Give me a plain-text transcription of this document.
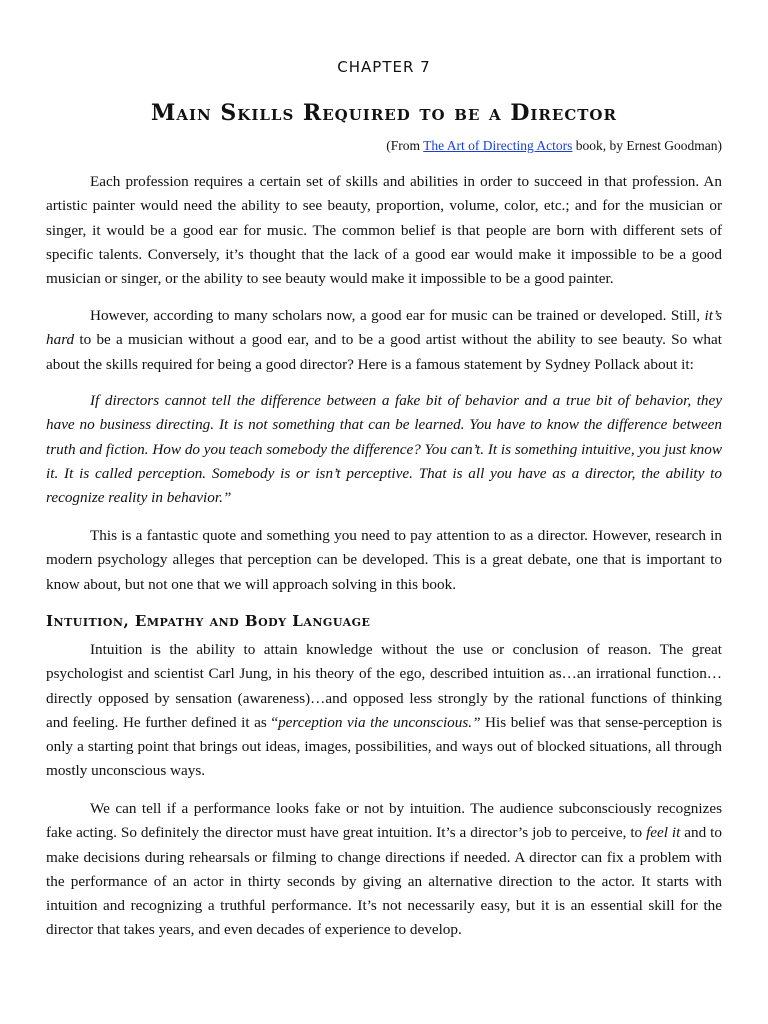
CHAPTER 7
Main Skills Required to be a Director
(From The Art of Directing Actors book, by Ernest Goodman)

Each profession requires a certain set of skills and abilities in order to succeed in that profession. An artistic painter would need the ability to see beauty, proportion, volume, color, etc.; and for the musician or singer, it would be a good ear for music. The common belief is that people are born with different sets of specific talents. Conversely, it’s thought that the lack of a good ear would make it impossible to be a good musician or singer, or the ability to see beauty would make it impossible to be a good painter.

However, according to many scholars now, a good ear for music can be trained or developed. Still, it’s hard to be a musician without a good ear, and to be a good artist without the ability to see beauty. So what about the skills required for being a good director? Here is a famous statement by Sydney Pollack about it:

If directors cannot tell the difference between a fake bit of behavior and a true bit of behavior, they have no business directing. It is not something that can be learned. You have to know the difference between truth and fiction. How do you teach somebody the difference? You can’t. It is something intuitive, you just know it. It is called perception. Somebody is or isn’t perceptive. That is all you have as a director, the ability to recognize reality in behavior.”

This is a fantastic quote and something you need to pay attention to as a director. However, research in modern psychology alleges that perception can be developed. This is a great debate, one that is important to know about, but not one that we will approach solving in this book.

Intuition, Empathy and Body Language

Intuition is the ability to attain knowledge without the use or conclusion of reason. The great psychologist and scientist Carl Jung, in his theory of the ego, described intuition as…an irrational function…directly opposed by sensation (awareness)…and opposed less strongly by the rational functions of thinking and feeling. He further defined it as “perception via the unconscious.” His belief was that sense-perception is only a starting point that brings out ideas, images, possibilities, and ways out of blocked situations, all through mostly unconscious ways.

We can tell if a performance looks fake or not by intuition. The audience subconsciously recognizes fake acting. So definitely the director must have great intuition. It’s a director’s job to perceive, to feel it and to make decisions during rehearsals or filming to change directions if needed. A director can fix a problem with the performance of an actor in thirty seconds by giving an alternative direction to the actor. It starts with intuition and recognizing a truthful performance. It’s not necessarily easy, but it is an essential skill for the director that takes years, and even decades of experience to develop.
